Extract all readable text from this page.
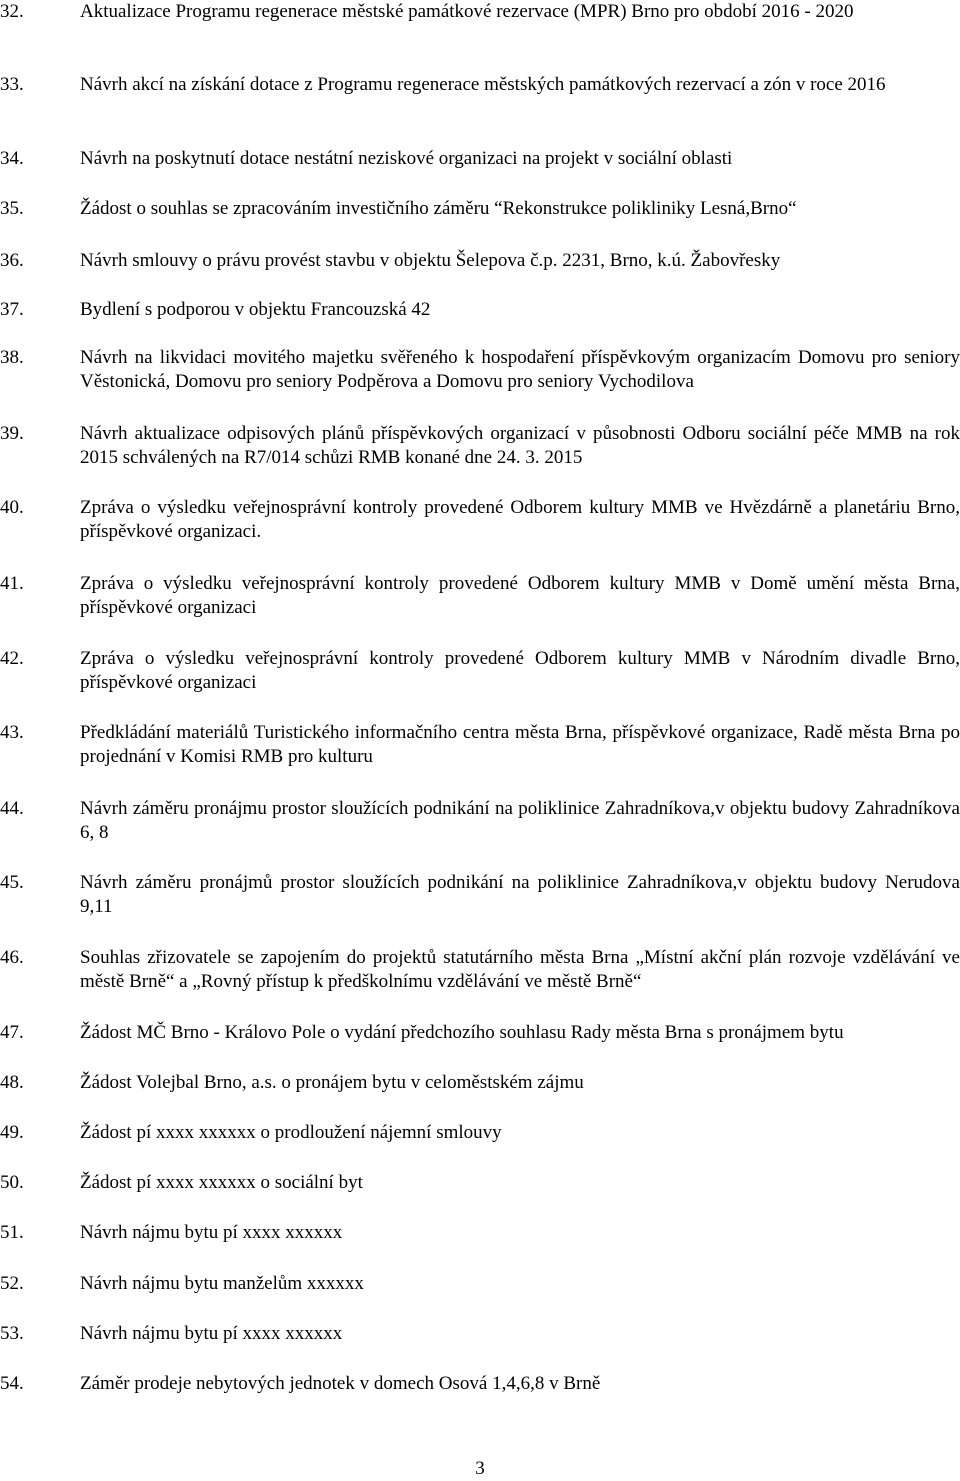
32.	Aktualizace Programu regenerace městské památkové rezervace (MPR) Brno pro období 2016 - 2020
33.	Návrh akcí na získání dotace z Programu regenerace městských památkových rezervací a zón v roce 2016
34.	Návrh na poskytnutí dotace nestátní neziskové organizaci na projekt v sociální oblasti
35.	Žádost o souhlas se zpracováním investičního záměru “Rekonstrukce polikliniky Lesná,Brno“
36.	Návrh smlouvy o právu provést stavbu v objektu Šelepova č.p. 2231, Brno, k.ú. Žabovřesky
37.	Bydlení s podporou v objektu Francouzská 42
38.	Návrh na likvidaci movitého majetku svěřeného k hospodaření příspěvkovým organizacím Domovu pro seniory Věstonická, Domovu pro seniory Podpěrova a Domovu pro seniory Vychodilova
39.	Návrh aktualizace odpisových plánů příspěvkových organizací v působnosti Odboru sociální péče MMB na rok 2015 schválených na R7/014 schůzi RMB konané dne 24. 3. 2015
40.	Zpráva o výsledku veřejnosprávní kontroly provedené Odborem kultury MMB ve Hvězdárně a planetáriu Brno, příspěvkové organizaci.
41.	Zpráva o výsledku veřejnosprávní kontroly provedené Odborem kultury MMB v Domě umění města Brna, příspěvkové organizaci
42.	Zpráva o výsledku veřejnosprávní kontroly provedené Odborem kultury MMB v Národním divadle Brno, příspěvkové organizaci
43.	Předkládání materiálů Turistického informačního centra města Brna, příspěvkové organizace, Radě města Brna po projednání v Komisi RMB pro kulturu
44.	Návrh záměru pronájmu prostor sloužících podnikání na poliklinice Zahradníkova,v objektu budovy Zahradníkova 6, 8
45.	Návrh záměru pronájmů prostor sloužících podnikání na poliklinice Zahradníkova,v objektu budovy Nerudova 9,11
46.	Souhlas zřizovatele se zapojením do projektů statutárního města Brna „Místní akční plán rozvoje vzdělávání ve městě Brně“ a „Rovný přístup k předškolnímu vzdělávání ve městě Brně“
47.	Žádost MČ Brno - Královo Pole o vydání předchozího souhlasu Rady města Brna s pronájmem bytu
48.	Žádost Volejbal Brno, a.s. o pronájem bytu v celoměstském zájmu
49.	Žádost pí xxxx xxxxxx o prodloužení nájemní smlouvy
50.	Žádost pí xxxx xxxxxx o sociální byt
51.	Návrh nájmu bytu pí xxxx xxxxxx
52.	Návrh nájmu bytu manželům xxxxxx
53.	Návrh nájmu bytu pí xxxx xxxxxx
54.	Záměr prodeje nebytových jednotek v domech Osová 1,4,6,8 v Brně
3
